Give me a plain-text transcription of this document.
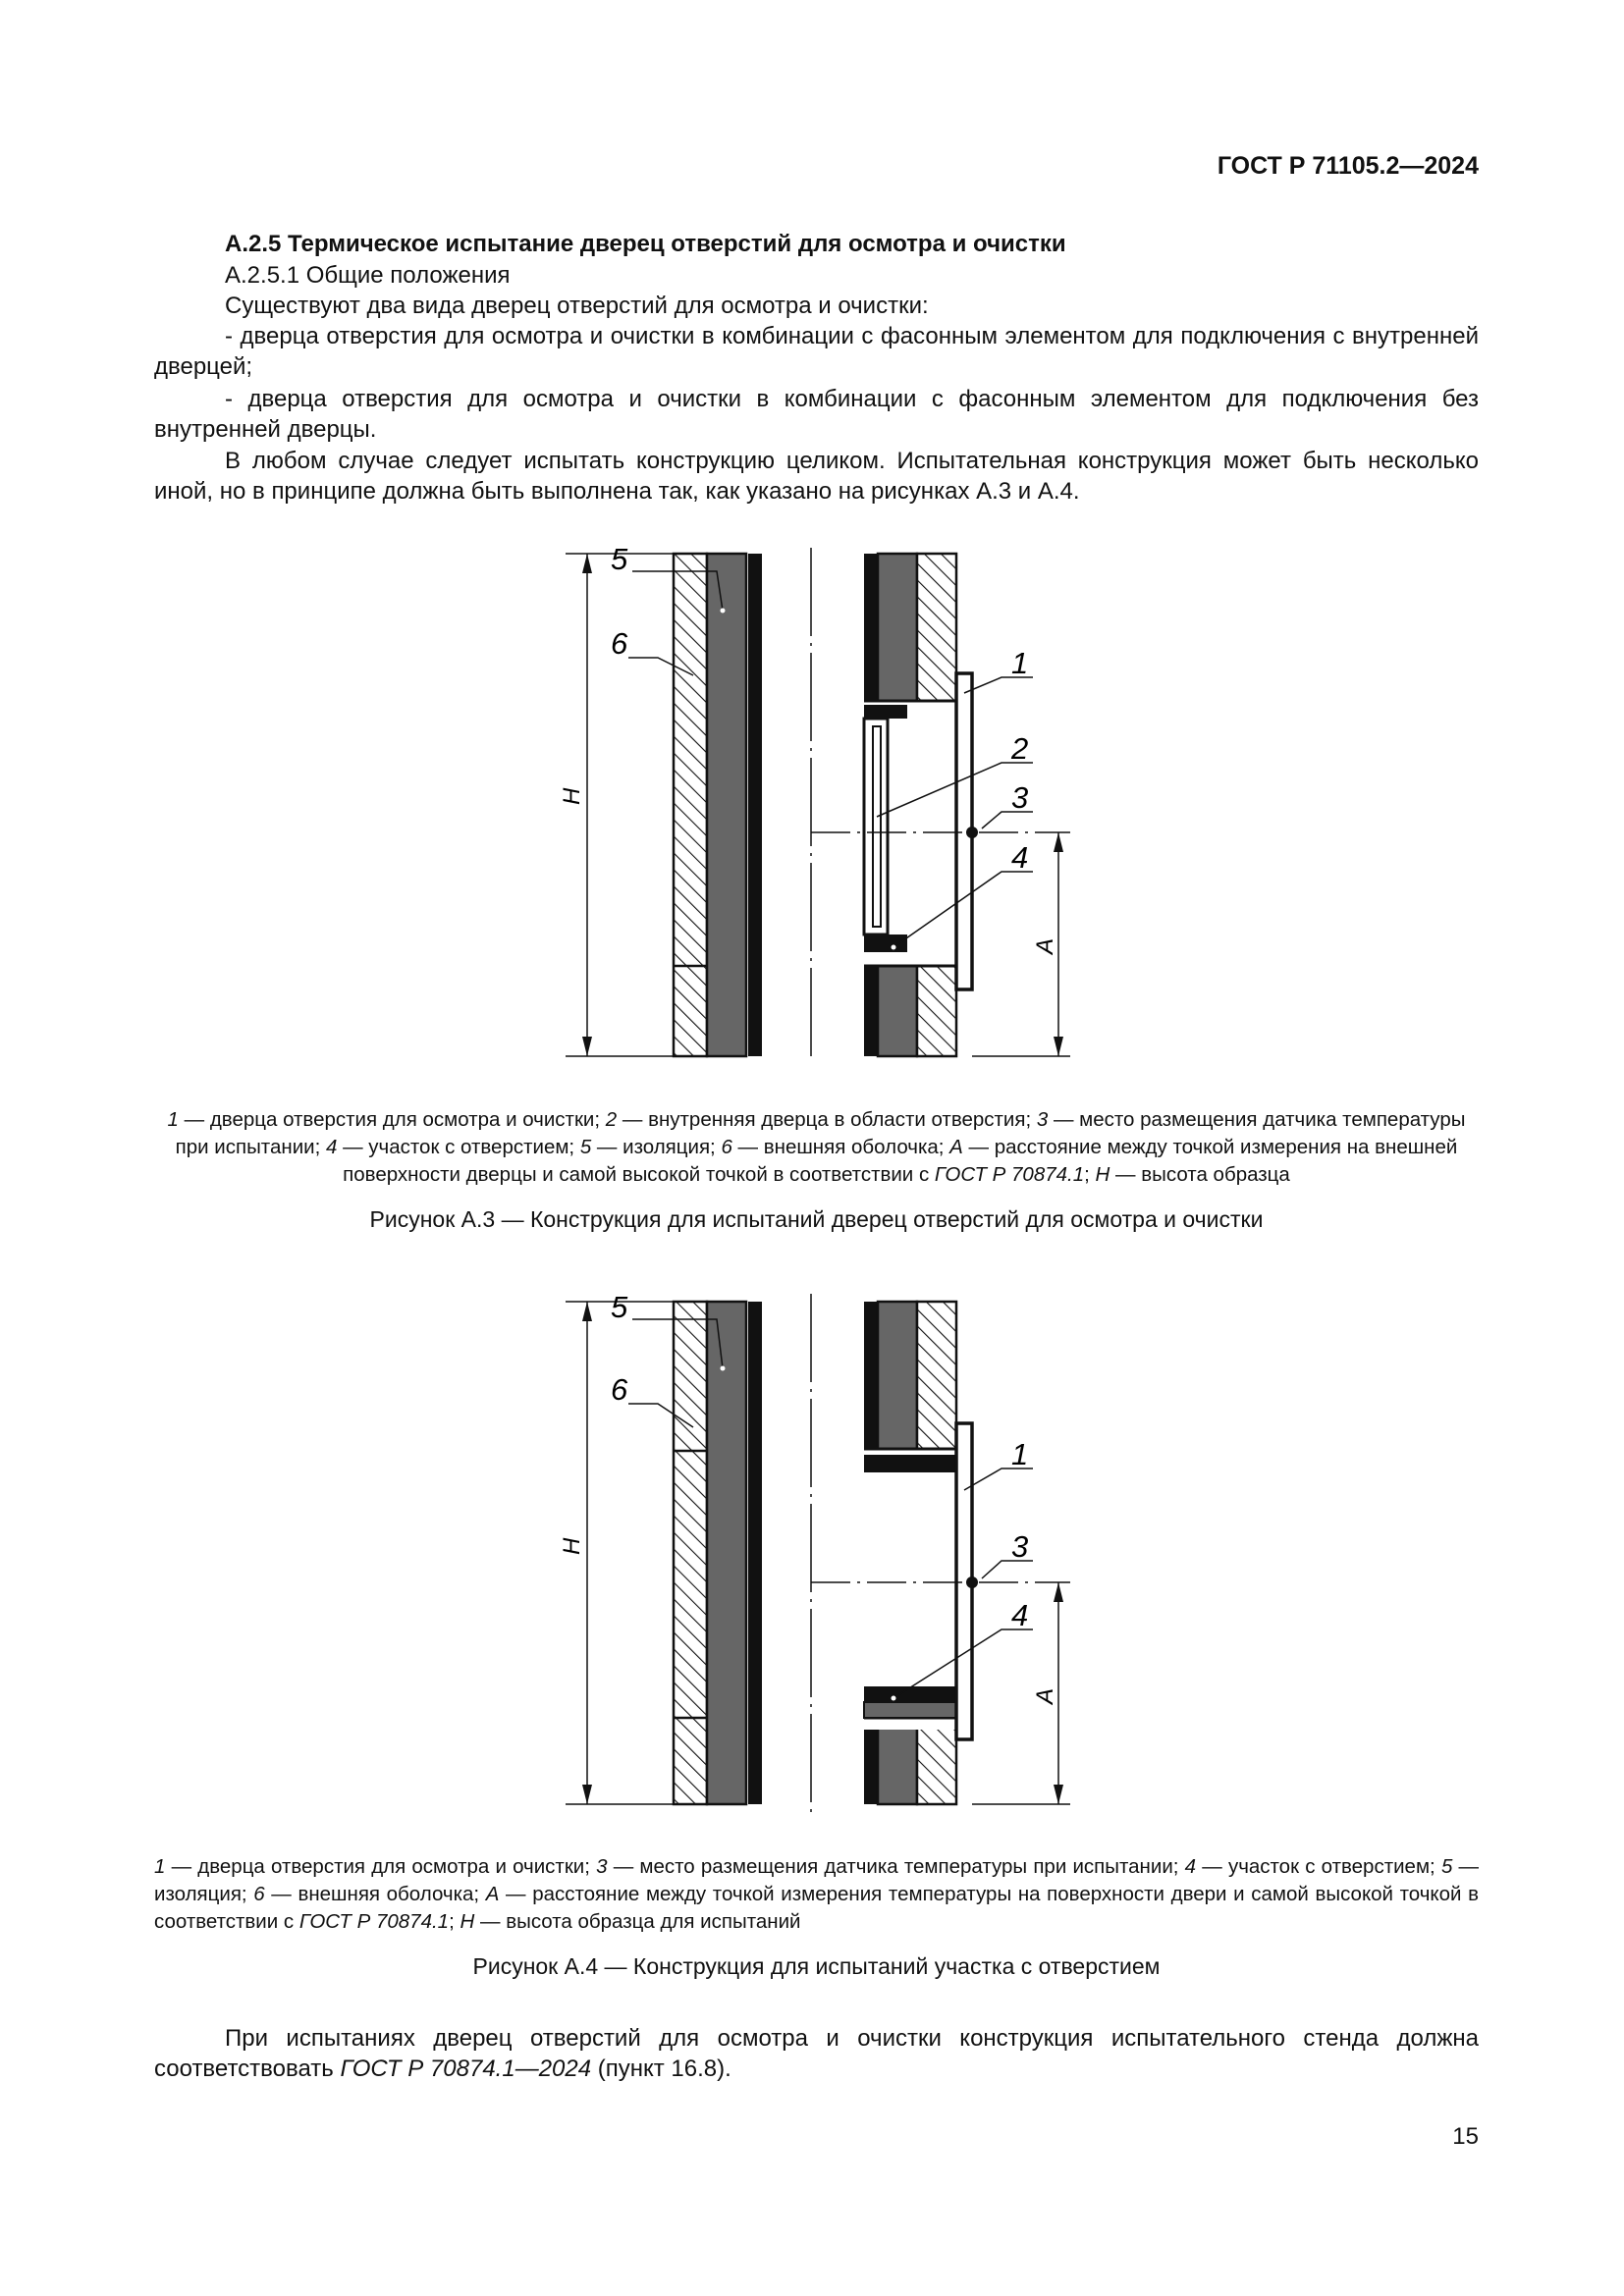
ГОСТ Р 71105.2—2024
А.2.5 Термическое испытание дверец отверстий для осмотра и очистки
А.2.5.1 Общие положения
Существуют два вида дверец отверстий для осмотра и очистки:
- дверца отверстия для осмотра и очистки в комбинации с фасонным элементом для подключения с внутренней дверцей;
- дверца отверстия для осмотра и очистки в комбинации с фасонным элементом для подключения без внутренней дверцы.
В любом случае следует испытать конструкцию целиком. Испытательная конструкция может быть несколько иной, но в принципе должна быть выполнена так, как указано на рисунках А.3 и А.4.
H
A
5
6
1
2
3
4
1 — дверца отверстия для осмотра и очистки; 2 — внутренняя дверца в области отверстия; 3 — место размещения датчика температуры при испытании; 4 — участок с отверстием; 5 — изоляция; 6 — внешняя оболочка; А — расстояние между точкой измерения на внешней поверхности дверцы и самой высокой точкой в соответствии с ГОСТ Р 70874.1; Н — высота образца
Рисунок А.3 — Конструкция для испытаний дверец отверстий для осмотра и очистки
H
A
5
6
1
3
4
1 — дверца отверстия для осмотра и очистки; 3 — место размещения датчика температуры при испытании; 4 — участок с отверстием; 5 — изоляция; 6 — внешняя оболочка; А — расстояние между точкой измерения температуры на поверхности двери и самой высокой точкой в соответствии с ГОСТ Р 70874.1; Н — высота образца для испытаний
Рисунок А.4 — Конструкция для испытаний участка с отверстием
При испытаниях дверец отверстий для осмотра и очистки конструкция испытательного стенда должна соответствовать ГОСТ Р 70874.1—2024 (пункт 16.8).
15
